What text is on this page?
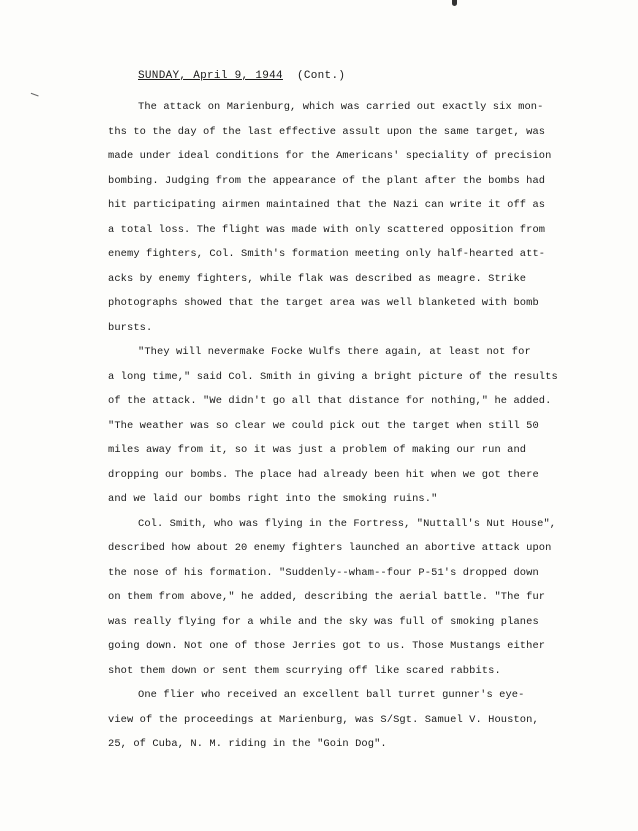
SUNDAY, April 9, 1944 (Cont.)
The attack on Marienburg, which was carried out exactly six mon-
ths to the day of the last effective assult upon the same target, was
made under ideal conditions for the Americans' speciality of precision
bombing. Judging from the appearance of the plant after the bombs had
hit participating airmen maintained that the Nazi can write it off as
a total loss. The flight was made with only scattered opposition from
enemy fighters, Col. Smith's formation meeting only half-hearted att-
acks by enemy fighters, while flak was described as meagre. Strike
photographs showed that the target area was well blanketed with bomb
bursts.
"They will nevermake Focke Wulfs there again, at least not for
a long time," said Col. Smith in giving a bright picture of the results
of the attack. "We didn't go all that distance for nothing," he added.
"The weather was so clear we could pick out the target when still 50
miles away from it, so it was just a problem of making our run and
dropping our bombs. The place had already been hit when we got there
and we laid our bombs right into the smoking ruins."
Col. Smith, who was flying in the Fortress, "Nuttall's Nut House",
described how about 20 enemy fighters launched an abortive attack upon
the nose of his formation. "Suddenly--wham--four P-51's dropped down
on them from above," he added, describing the aerial battle. "The fur
was really flying for a while and the sky was full of smoking planes
going down. Not one of those Jerries got to us. Those Mustangs either
shot them down or sent them scurrying off like scared rabbits.
One flier who received an excellent ball turret gunner's eye-
view of the proceedings at Marienburg, was S/Sgt. Samuel V. Houston,
25, of Cuba, N. M. riding in the "Goin Dog".
